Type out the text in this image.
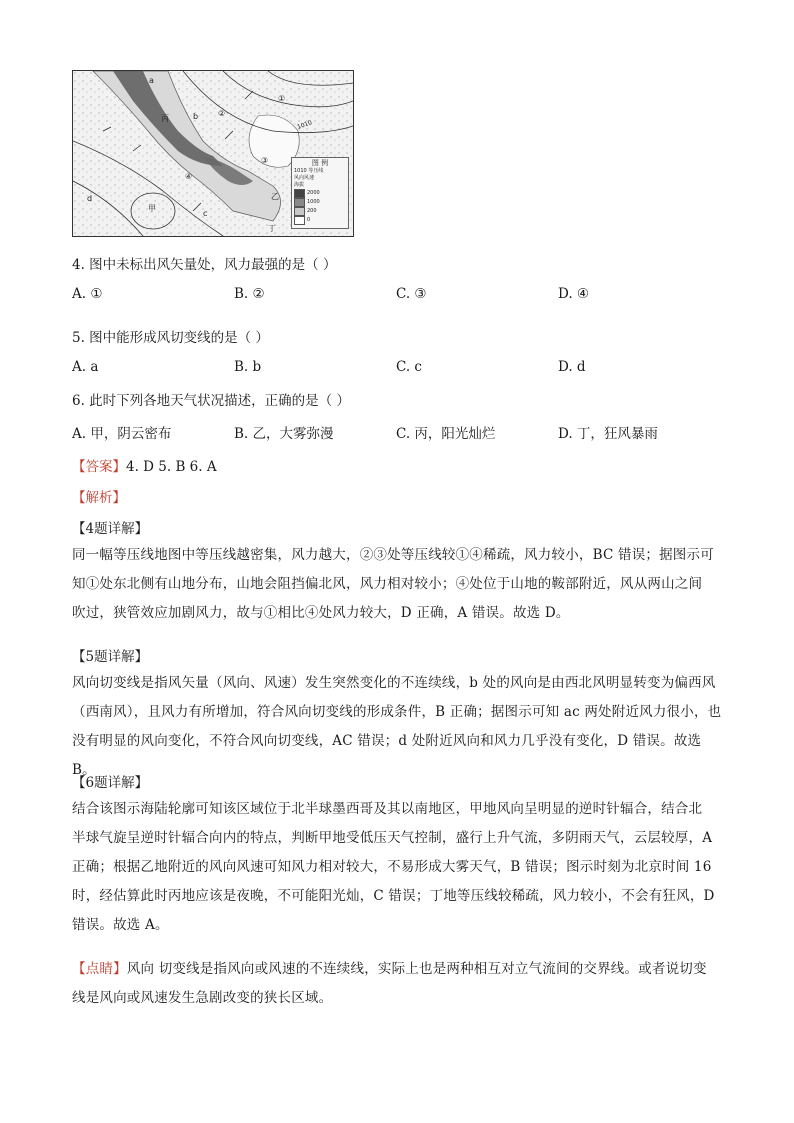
a
b
c
d
甲
乙
丙
丁
①
②
③
④
1010
图 例
1010 等压线
风向风速
海拔
2000
1000
200
0
4. 图中未标出风矢量处，风力最强的是（ ）
A. ①	B. ②	C. ③	D. ④
5. 图中能形成风切变线的是（ ）
A. a	B. b	C. c	D. d
6. 此时下列各地天气状况描述，正确的是（ ）
A. 甲，阴云密布	B. 乙，大雾弥漫	C. 丙，阳光灿烂	D. 丁，狂风暴雨
【答案】4. D 5. B 6. A
【解析】
【4题详解】
同一幅等压线地图中等压线越密集，风力越大，②③处等压线较①④稀疏，风力较小，BC 错误；据图示可
知①处东北侧有山地分布，山地会阻挡偏北风，风力相对较小；④处位于山地的鞍部附近，风从两山之间
吹过，狭管效应加剧风力，故与①相比④处风力较大，D 正确，A 错误。故选 D。
【5题详解】
风向切变线是指风矢量（风向、风速）发生突然变化的不连续线，b 处的风向是由西北风明显转变为偏西风
（西南风），且风力有所增加，符合风向切变线的形成条件，B 正确；据图示可知 ac 两处附近风力很小，也
没有明显的风向变化，不符合风向切变线，AC 错误；d 处附近风向和风力几乎没有变化，D 错误。故选 B。
【6题详解】
结合该图示海陆轮廓可知该区域位于北半球墨西哥及其以南地区，甲地风向呈明显的逆时针辐合，结合北
半球气旋呈逆时针辐合向内的特点，判断甲地受低压天气控制，盛行上升气流，多阴雨天气，云层较厚，A
正确；根据乙地附近的风向风速可知风力相对较大，不易形成大雾天气，B 错误；图示时刻为北京时间 16
时，经估算此时丙地应该是夜晚，不可能阳光灿，C 错误；丁地等压线较稀疏，风力较小，不会有狂风，D
错误。故选 A。
【点睛】风向 切变线是指风向或风速的不连续线，实际上也是两种相互对立气流间的交界线。或者说切变
线是风向或风速发生急剧改变的狭长区域。
